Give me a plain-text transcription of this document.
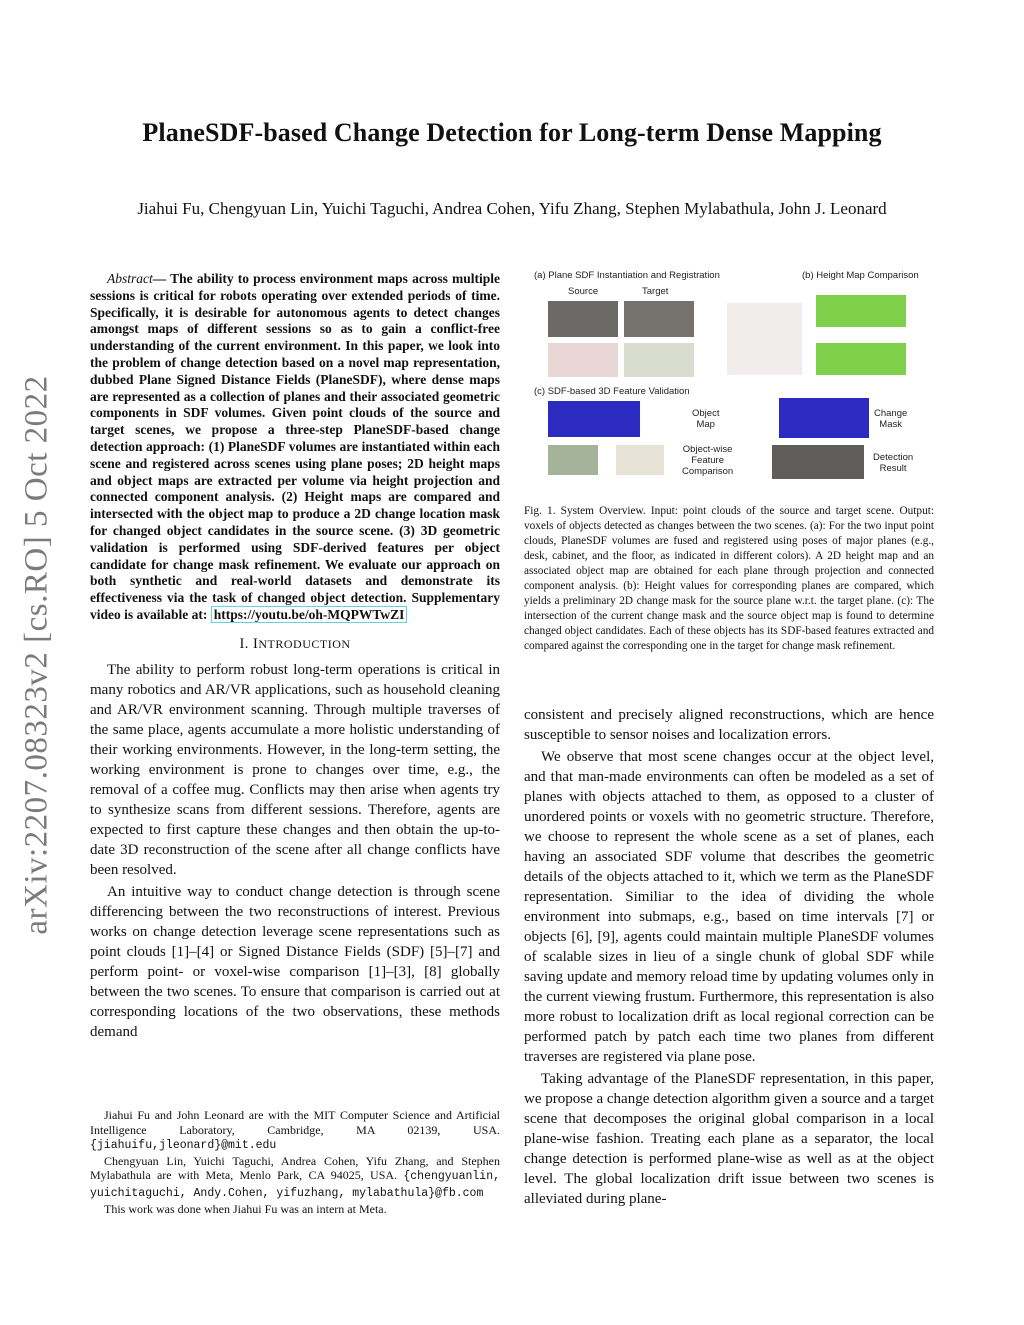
arXiv:2207.08323v2 [cs.RO] 5 Oct 2022
PlaneSDF-based Change Detection for Long-term Dense Mapping
Jiahui Fu, Chengyuan Lin, Yuichi Taguchi, Andrea Cohen, Yifu Zhang, Stephen Mylabathula, John J. Leonard
Abstract— The ability to process environment maps across multiple sessions is critical for robots operating over extended periods of time. Specifically, it is desirable for autonomous agents to detect changes amongst maps of different sessions so as to gain a conflict-free understanding of the current environment. In this paper, we look into the problem of change detection based on a novel map representation, dubbed Plane Signed Distance Fields (PlaneSDF), where dense maps are represented as a collection of planes and their associated geometric components in SDF volumes. Given point clouds of the source and target scenes, we propose a three-step PlaneSDF-based change detection approach: (1) PlaneSDF volumes are instantiated within each scene and registered across scenes using plane poses; 2D height maps and object maps are extracted per volume via height projection and connected component analysis. (2) Height maps are compared and intersected with the object map to produce a 2D change location mask for changed object candidates in the source scene. (3) 3D geometric validation is performed using SDF-derived features per object candidate for change mask refinement. We evaluate our approach on both synthetic and real-world datasets and demonstrate its effectiveness via the task of changed object detection. Supplementary video is available at: https://youtu.be/oh-MQPWTwZI
I. INTRODUCTION

The ability to perform robust long-term operations is critical in many robotics and AR/VR applications, such as household cleaning and AR/VR environment scanning. Through multiple traverses of the same place, agents accumulate a more holistic understanding of their working environments. However, in the long-term setting, the working environment is prone to changes over time, e.g., the removal of a coffee mug. Conflicts may then arise when agents try to synthesize scans from different sessions. Therefore, agents are expected to first capture these changes and then obtain the up-to-date 3D reconstruction of the scene after all change conflicts have been resolved.

An intuitive way to conduct change detection is through scene differencing between the two reconstructions of interest. Previous works on change detection leverage scene representations such as point clouds [1]–[4] or Signed Distance Fields (SDF) [5]–[7] and perform point- or voxel-wise comparison [1]–[3], [8] globally between the two scenes. To ensure that comparison is carried out at corresponding locations of the two observations, these methods demand

Jiahui Fu and John Leonard are with the MIT Computer Science and Artificial Intelligence Laboratory, Cambridge, MA 02139, USA. {jiahuifu,jleonard}@mit.edu

Chengyuan Lin, Yuichi Taguchi, Andrea Cohen, Yifu Zhang, and Stephen Mylabathula are with Meta, Menlo Park, CA 94025, USA. {chengyuanlin, yuichitaguchi, Andy.Cohen, yifuzhang, mylabathula}@fb.com

This work was done when Jiahui Fu was an intern at Meta.

(a) Plane SDF Instantiation and Registration	(b) Height Map Comparison
Source	Target
(c) SDF-based 3D Feature Validation
Object
Map
Change
Mask
Object-wise
Feature
Comparison
Detection
Result
Fig. 1. System Overview. Input: point clouds of the source and target scene. Output: voxels of objects detected as changes between the two scenes. (a): For the two input point clouds, PlaneSDF volumes are fused and registered using poses of major planes (e.g., desk, cabinet, and the floor, as indicated in different colors). A 2D height map and an associated object map are obtained for each plane through projection and connected component analysis. (b): Height values for corresponding planes are compared, which yields a preliminary 2D change mask for the source plane w.r.t. the target plane. (c): The intersection of the current change mask and the source object map is found to determine changed object candidates. Each of these objects has its SDF-based features extracted and compared against the corresponding one in the target for change mask refinement.

consistent and precisely aligned reconstructions, which are hence susceptible to sensor noises and localization errors.

We observe that most scene changes occur at the object level, and that man-made environments can often be modeled as a set of planes with objects attached to them, as opposed to a cluster of unordered points or voxels with no geometric structure. Therefore, we choose to represent the whole scene as a set of planes, each having an associated SDF volume that describes the geometric details of the objects attached to it, which we term as the PlaneSDF representation. Similiar to the idea of dividing the whole environment into submaps, e.g., based on time intervals [7] or objects [6], [9], agents could maintain multiple PlaneSDF volumes of scalable sizes in lieu of a single chunk of global SDF while saving update and memory reload time by updating volumes only in the current viewing frustum. Furthermore, this representation is also more robust to localization drift as local regional correction can be performed patch by patch each time two planes from different traverses are registered via plane pose.

Taking advantage of the PlaneSDF representation, in this paper, we propose a change detection algorithm given a source and a target scene that decomposes the original global comparison in a local plane-wise fashion. Treating each plane as a separator, the local change detection is performed plane-wise as well as at the object level. The global localization drift issue between two scenes is alleviated during plane-
